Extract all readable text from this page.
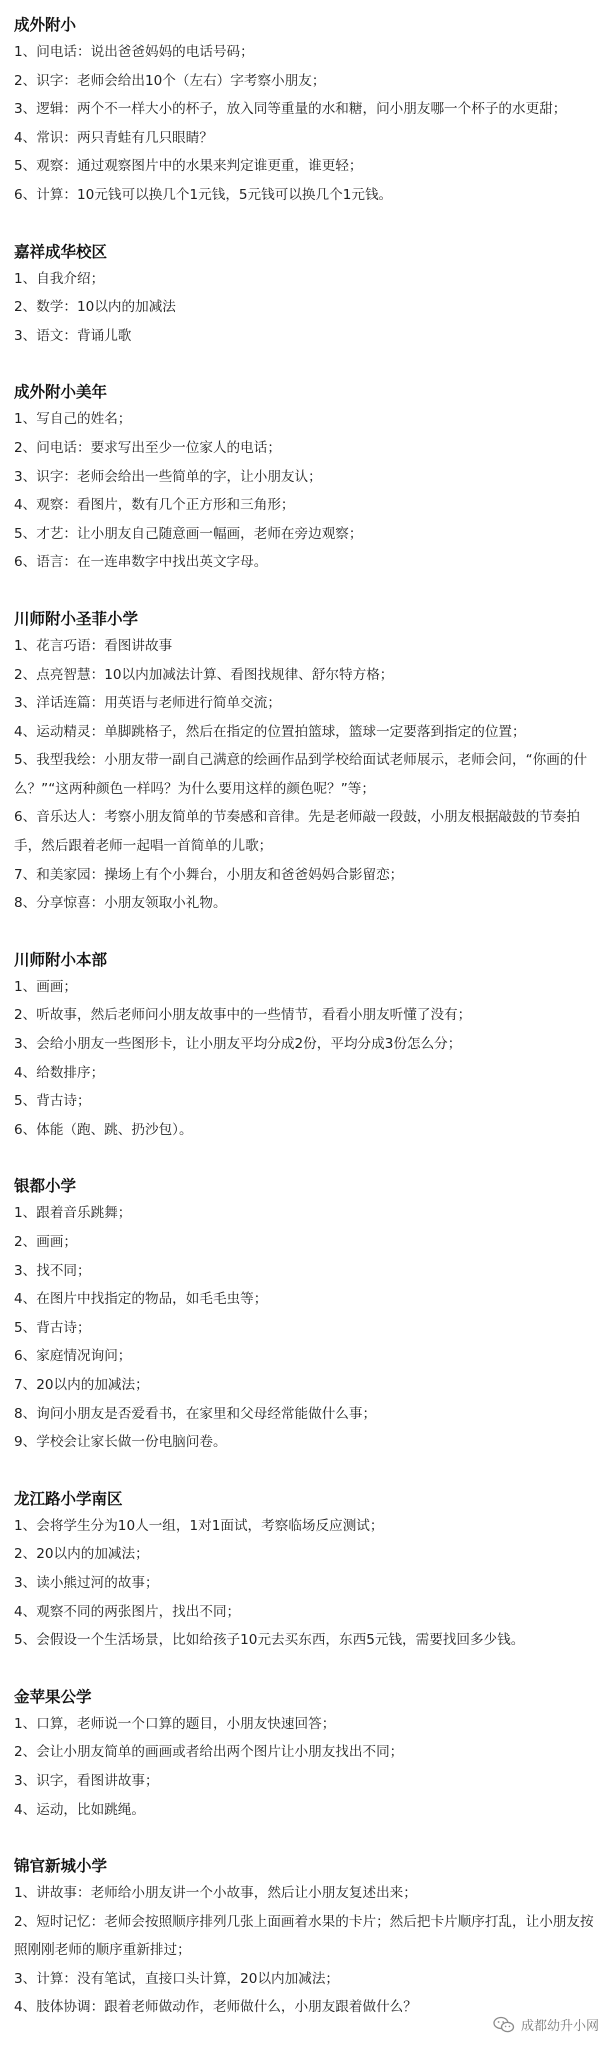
成外附小
1、问电话：说出爸爸妈妈的电话号码；
2、识字：老师会给出10个（左右）字考察小朋友；
3、逻辑：两个不一样大小的杯子，放入同等重量的水和糖，问小朋友哪一个杯子的水更甜；
4、常识：两只青蛙有几只眼睛？
5、观察：通过观察图片中的水果来判定谁更重，谁更轻；
6、计算：10元钱可以换几个1元钱，5元钱可以换几个1元钱。
嘉祥成华校区
1、自我介绍；
2、数学：10以内的加减法
3、语文：背诵儿歌
成外附小美年
1、写自己的姓名；
2、问电话：要求写出至少一位家人的电话；
3、识字：老师会给出一些简单的字，让小朋友认；
4、观察：看图片，数有几个正方形和三角形；
5、才艺：让小朋友自己随意画一幅画，老师在旁边观察；
6、语言：在一连串数字中找出英文字母。
川师附小圣菲小学
1、花言巧语：看图讲故事
2、点亮智慧：10以内加减法计算、看图找规律、舒尔特方格；
3、洋话连篇：用英语与老师进行简单交流；
4、运动精灵：单脚跳格子，然后在指定的位置拍篮球，篮球一定要落到指定的位置；
5、我型我绘：小朋友带一副自己满意的绘画作品到学校给面试老师展示，老师会问，“你画的什么？”“这两种颜色一样吗？为什么要用这样的颜色呢？”等；
6、音乐达人：考察小朋友简单的节奏感和音律。先是老师敲一段鼓，小朋友根据敲鼓的节奏拍手，然后跟着老师一起唱一首简单的儿歌；
7、和美家园：操场上有个小舞台，小朋友和爸爸妈妈合影留恋；
8、分享惊喜：小朋友领取小礼物。
川师附小本部
1、画画；
2、听故事，然后老师问小朋友故事中的一些情节，看看小朋友听懂了没有；
3、会给小朋友一些图形卡，让小朋友平均分成2份，平均分成3份怎么分；
4、给数排序；
5、背古诗；
6、体能（跑、跳、扔沙包）。
银都小学
1、跟着音乐跳舞；
2、画画；
3、找不同；
4、在图片中找指定的物品，如毛毛虫等；
5、背古诗；
6、家庭情况询问；
7、20以内的加减法；
8、询问小朋友是否爱看书，在家里和父母经常能做什么事；
9、学校会让家长做一份电脑问卷。
龙江路小学南区
1、会将学生分为10人一组，1对1面试，考察临场反应测试；
2、20以内的加减法；
3、读小熊过河的故事；
4、观察不同的两张图片，找出不同；
5、会假设一个生活场景，比如给孩子10元去买东西，东西5元钱，需要找回多少钱。
金苹果公学
1、口算，老师说一个口算的题目，小朋友快速回答；
2、会让小朋友简单的画画或者给出两个图片让小朋友找出不同；
3、识字，看图讲故事；
4、运动，比如跳绳。
锦官新城小学
1、讲故事：老师给小朋友讲一个小故事，然后让小朋友复述出来；
2、短时记忆：老师会按照顺序排列几张上面画着水果的卡片；然后把卡片顺序打乱，让小朋友按照刚刚老师的顺序重新排过；
3、计算：没有笔试，直接口头计算，20以内加减法；
4、肢体协调：跟着老师做动作，老师做什么，小朋友跟着做什么？
成都幼升小网
